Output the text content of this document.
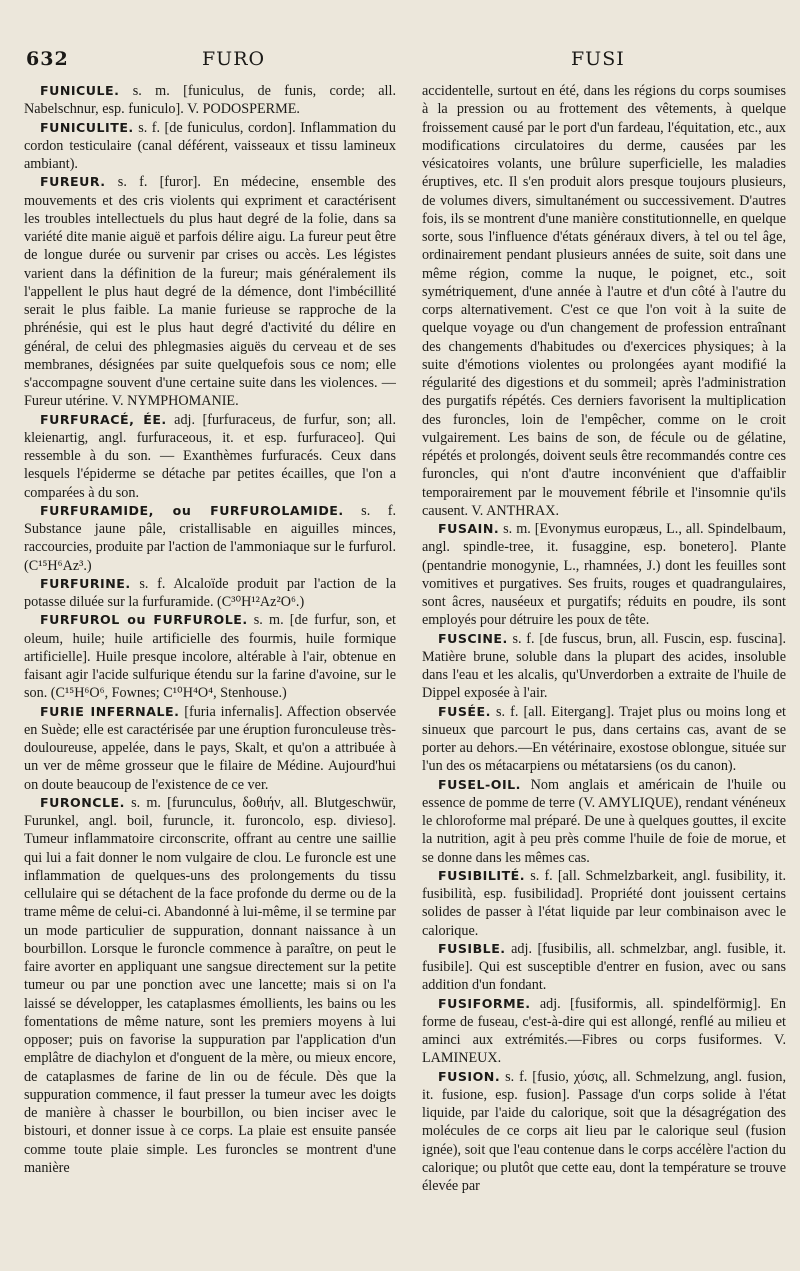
632	FURO	FUSI

FUNICULE. s. m. [funiculus, de funis, corde; all. Nabelschnur, esp. funiculo]. V. PODOSPERME.

FUNICULITE. s. f. [de funiculus, cordon]. Inflammation du cordon testiculaire (canal déférent, vaisseaux et tissu lamineux ambiant).

FUREUR. s. f. [furor]. En médecine, ensemble des mouvements et des cris violents qui expriment et caractérisent les troubles intellectuels du plus haut degré de la folie, dans sa variété dite manie aiguë et parfois délire aigu. La fureur peut être de longue durée ou survenir par crises ou accès. Les légistes varient dans la définition de la fureur; mais généralement ils l'appellent le plus haut degré de la démence, dont l'imbécillité serait le plus faible. La manie furieuse se rapproche de la phrénésie, qui est le plus haut degré d'activité du délire en général, de celui des phlegmasies aiguës du cerveau et de ses membranes, désignées par suite quelquefois sous ce nom; elle s'accompagne souvent d'une certaine suite dans les violences. — Fureur utérine. V. NYMPHOMANIE.

FURFURACÉ, ÉE. adj. [furfuraceus, de furfur, son; all. kleienartig, angl. furfuraceous, it. et esp. furfuraceo]. Qui ressemble à du son. — Exanthèmes furfuracés. Ceux dans lesquels l'épiderme se détache par petites écailles, que l'on a comparées à du son.

FURFURAMIDE, ou FURFUROLAMIDE. s. f. Substance jaune pâle, cristallisable en aiguilles minces, raccourcies, produite par l'action de l'ammoniaque sur le furfurol. (C¹⁵H⁶Az³.)

FURFURINE. s. f. Alcaloïde produit par l'action de la potasse diluée sur la furfuramide. (C³⁰H¹²Az²O⁶.)

FURFUROL ou FURFUROLE. s. m. [de furfur, son, et oleum, huile; huile artificielle des fourmis, huile formique artificielle]. Huile presque incolore, altérable à l'air, obtenue en faisant agir l'acide sulfurique étendu sur la farine d'avoine, sur le son. (C¹⁵H⁶O⁶, Fownes; C¹⁰H⁴O⁴, Stenhouse.)

FURIE INFERNALE. [furia infernalis]. Affection observée en Suède; elle est caractérisée par une éruption furonculeuse très-douloureuse, appelée, dans le pays, Skalt, et qu'on a attribuée à un ver de même grosseur que le filaire de Médine. Aujourd'hui on doute beaucoup de l'existence de ce ver.

FURONCLE. s. m. [furunculus, δοθιήν, all. Blutgeschwür, Furunkel, angl. boil, furuncle, it. furoncolo, esp. divieso]. Tumeur inflammatoire circonscrite, offrant au centre une saillie qui lui a fait donner le nom vulgaire de clou. Le furoncle est une inflammation de quelques-uns des prolongements du tissu cellulaire qui se détachent de la face profonde du derme ou de la trame même de celui-ci. Abandonné à lui-même, il se termine par un mode particulier de suppuration, donnant naissance à un bourbillon. Lorsque le furoncle commence à paraître, on peut le faire avorter en appliquant une sangsue directement sur la petite tumeur ou par une ponction avec une lancette; mais si on l'a laissé se développer, les cataplasmes émollients, les bains ou les fomentations de même nature, sont les premiers moyens à lui opposer; puis on favorise la suppuration par l'application d'un emplâtre de diachylon et d'onguent de la mère, ou mieux encore, de cataplasmes de farine de lin ou de fécule. Dès que la suppuration commence, il faut presser la tumeur avec les doigts de manière à chasser le bourbillon, ou bien inciser avec le bistouri, et donner issue à ce corps. La plaie est ensuite pansée comme toute plaie simple. Les furoncles se montrent d'une manière

accidentelle, surtout en été, dans les régions du corps soumises à la pression ou au frottement des vêtements, à quelque froissement causé par le port d'un fardeau, l'équitation, etc., aux modifications circulatoires du derme, causées par les vésicatoires volants, une brûlure superficielle, les maladies éruptives, etc. Il s'en produit alors presque toujours plusieurs, de volumes divers, simultanément ou successivement. D'autres fois, ils se montrent d'une manière constitutionnelle, en quelque sorte, sous l'influence d'états généraux divers, à tel ou tel âge, ordinairement pendant plusieurs années de suite, soit dans une même région, comme la nuque, le poignet, etc., soit symétriquement, d'une année à l'autre et d'un côté à l'autre du corps alternativement. C'est ce que l'on voit à la suite de quelque voyage ou d'un changement de profession entraînant des changements d'habitudes ou d'exercices physiques; à la suite d'émotions violentes ou prolongées ayant modifié la régularité des digestions et du sommeil; après l'administration des purgatifs répétés. Ces derniers favorisent la multiplication des furoncles, loin de l'empêcher, comme on le croit vulgairement. Les bains de son, de fécule ou de gélatine, répétés et prolongés, doivent seuls être recommandés contre ces furoncles, qui n'ont d'autre inconvénient que d'affaiblir temporairement par le mouvement fébrile et l'insomnie qu'ils causent. V. ANTHRAX.

FUSAIN. s. m. [Evonymus europæus, L., all. Spindelbaum, angl. spindle-tree, it. fusaggine, esp. bonetero]. Plante (pentandrie monogynie, L., rhamnées, J.) dont les feuilles sont vomitives et purgatives. Ses fruits, rouges et quadrangulaires, sont âcres, nauséeux et purgatifs; réduits en poudre, ils sont employés pour détruire les poux de tête.

FUSCINE. s. f. [de fuscus, brun, all. Fuscin, esp. fuscina]. Matière brune, soluble dans la plupart des acides, insoluble dans l'eau et les alcalis, qu'Unverdorben a extraite de l'huile de Dippel exposée à l'air.

FUSÉE. s. f. [all. Eitergang]. Trajet plus ou moins long et sinueux que parcourt le pus, dans certains cas, avant de se porter au dehors.—En vétérinaire, exostose oblongue, située sur l'un des os métacarpiens ou métatarsiens (os du canon).

FUSEL-OIL. Nom anglais et américain de l'huile ou essence de pomme de terre (V. AMYLIQUE), rendant vénéneux le chloroforme mal préparé. De une à quelques gouttes, il excite la nutrition, agit à peu près comme l'huile de foie de morue, et se donne dans les mêmes cas.

FUSIBILITÉ. s. f. [all. Schmelzbarkeit, angl. fusibility, it. fusibilità, esp. fusibilidad]. Propriété dont jouissent certains solides de passer à l'état liquide par leur combinaison avec le calorique.

FUSIBLE. adj. [fusibilis, all. schmelzbar, angl. fusible, it. fusibile]. Qui est susceptible d'entrer en fusion, avec ou sans addition d'un fondant.

FUSIFORME. adj. [fusiformis, all. spindelförmig]. En forme de fuseau, c'est-à-dire qui est allongé, renflé au milieu et aminci aux extrémités.—Fibres ou corps fusiformes. V. LAMINEUX.

FUSION. s. f. [fusio, χύσις, all. Schmelzung, angl. fusion, it. fusione, esp. fusion]. Passage d'un corps solide à l'état liquide, par l'aide du calorique, soit que la désagrégation des molécules de ce corps ait lieu par le calorique seul (fusion ignée), soit que l'eau contenue dans le corps accélère l'action du calorique; ou plutôt que cette eau, dont la température se trouve élevée par
